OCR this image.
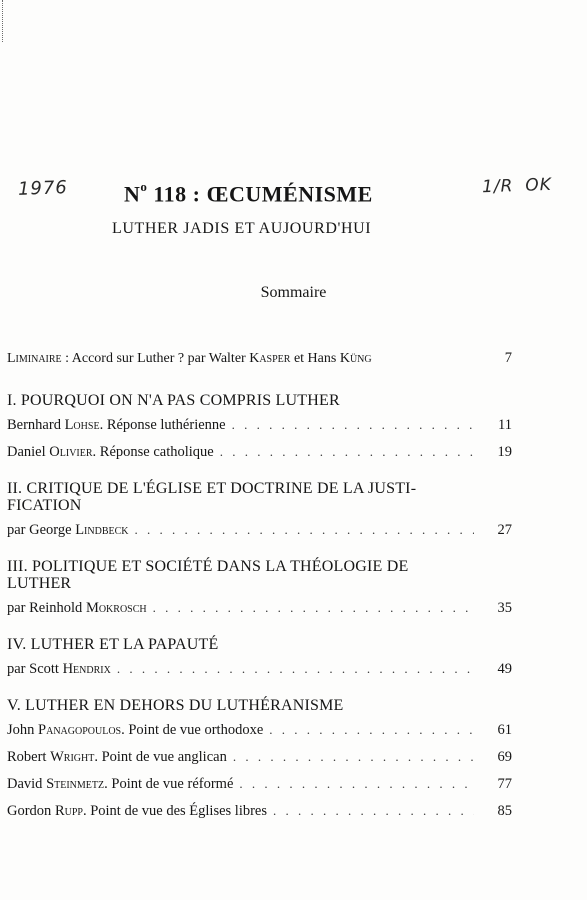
1976	1/R OK
$N^o$ 118 : ŒCUMÉNISME
LUTHER JADIS ET AUJOURD'HUI
Sommaire
Liminaire : Accord sur Luther ? par Walter Kasper et Hans Küng	7
I. POURQUOI ON N'A PAS COMPRIS LUTHER
Bernhard Lohse. Réponse luthérienne . . .	11
Daniel Olivier. Réponse catholique . . .	19
II. CRITIQUE DE L'ÉGLISE ET DOCTRINE DE LA JUSTI-
FICATION
par George Lindbeck . . .	27
III. POLITIQUE ET SOCIÉTÉ DANS LA THÉOLOGIE DE
LUTHER
par Reinhold Mokrosch . . .	35
IV. LUTHER ET LA PAPAUTÉ
par Scott Hendrix . . .	49
V. LUTHER EN DEHORS DU LUTHÉRANISME
John Panagopoulos. Point de vue orthodoxe . . .	61
Robert Wright. Point de vue anglican . . .	69
David Steinmetz. Point de vue réformé . . .	77
Gordon Rupp. Point de vue des Églises libres . . .	85
